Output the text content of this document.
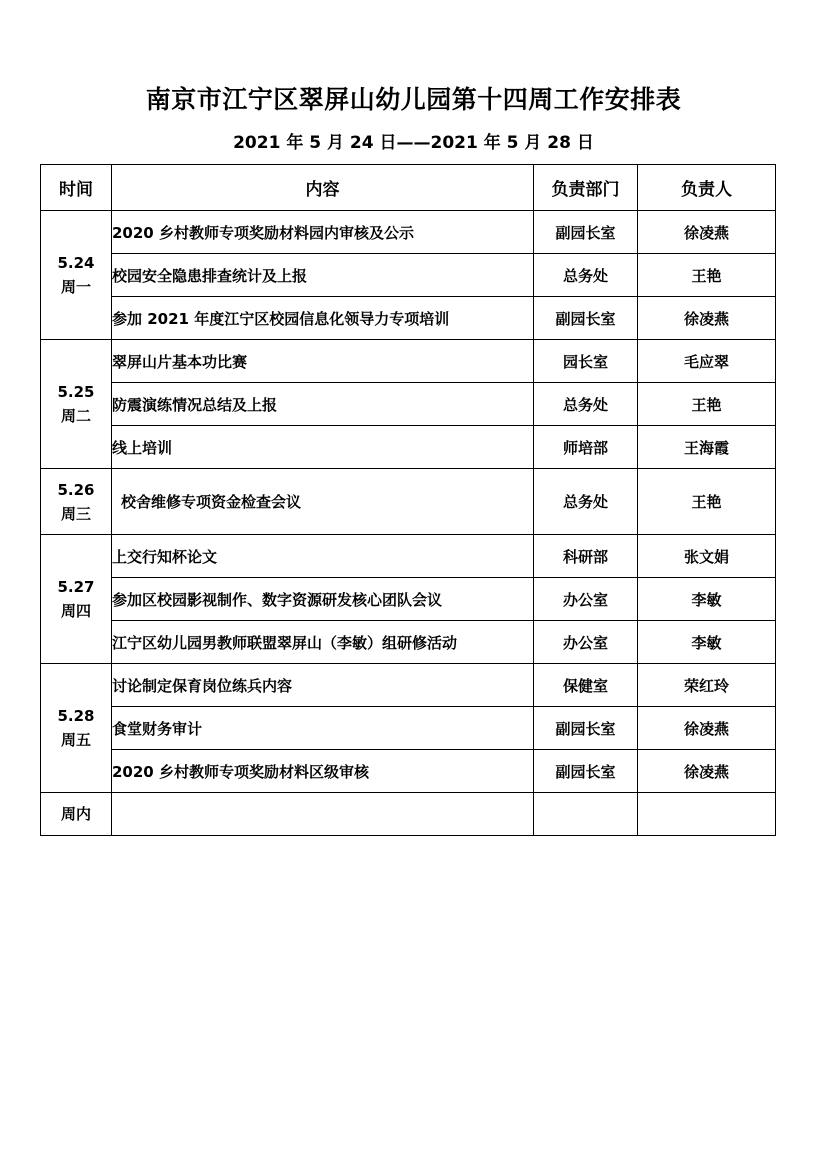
南京市江宁区翠屏山幼儿园第十四周工作安排表
2021 年 5 月 24 日——2021 年 5 月 28 日
时间	内容	负责部门	负责人

5.24
周一	2020 乡村教师专项奖励材料园内审核及公示	副园长室	徐凌燕
	校园安全隐患排查统计及上报	总务处	王艳
	参加 2021 年度江宁区校园信息化领导力专项培训	副园长室	徐凌燕

5.25
周二	翠屏山片基本功比赛	园长室	毛应翠
	防震演练情况总结及上报	总务处	王艳
	线上培训	师培部	王海霞

5.26
周三	校舍维修专项资金检查会议	总务处	王艳

5.27
周四	上交行知杯论文	科研部	张文娟
	参加区校园影视制作、数字资源研发核心团队会议	办公室	李敏
	江宁区幼儿园男教师联盟翠屏山（李敏）组研修活动	办公室	李敏

5.28
周五	讨论制定保育岗位练兵内容	保健室	荣红玲
	食堂财务审计	副园长室	徐凌燕
	2020 乡村教师专项奖励材料区级审核	副园长室	徐凌燕
周内			
